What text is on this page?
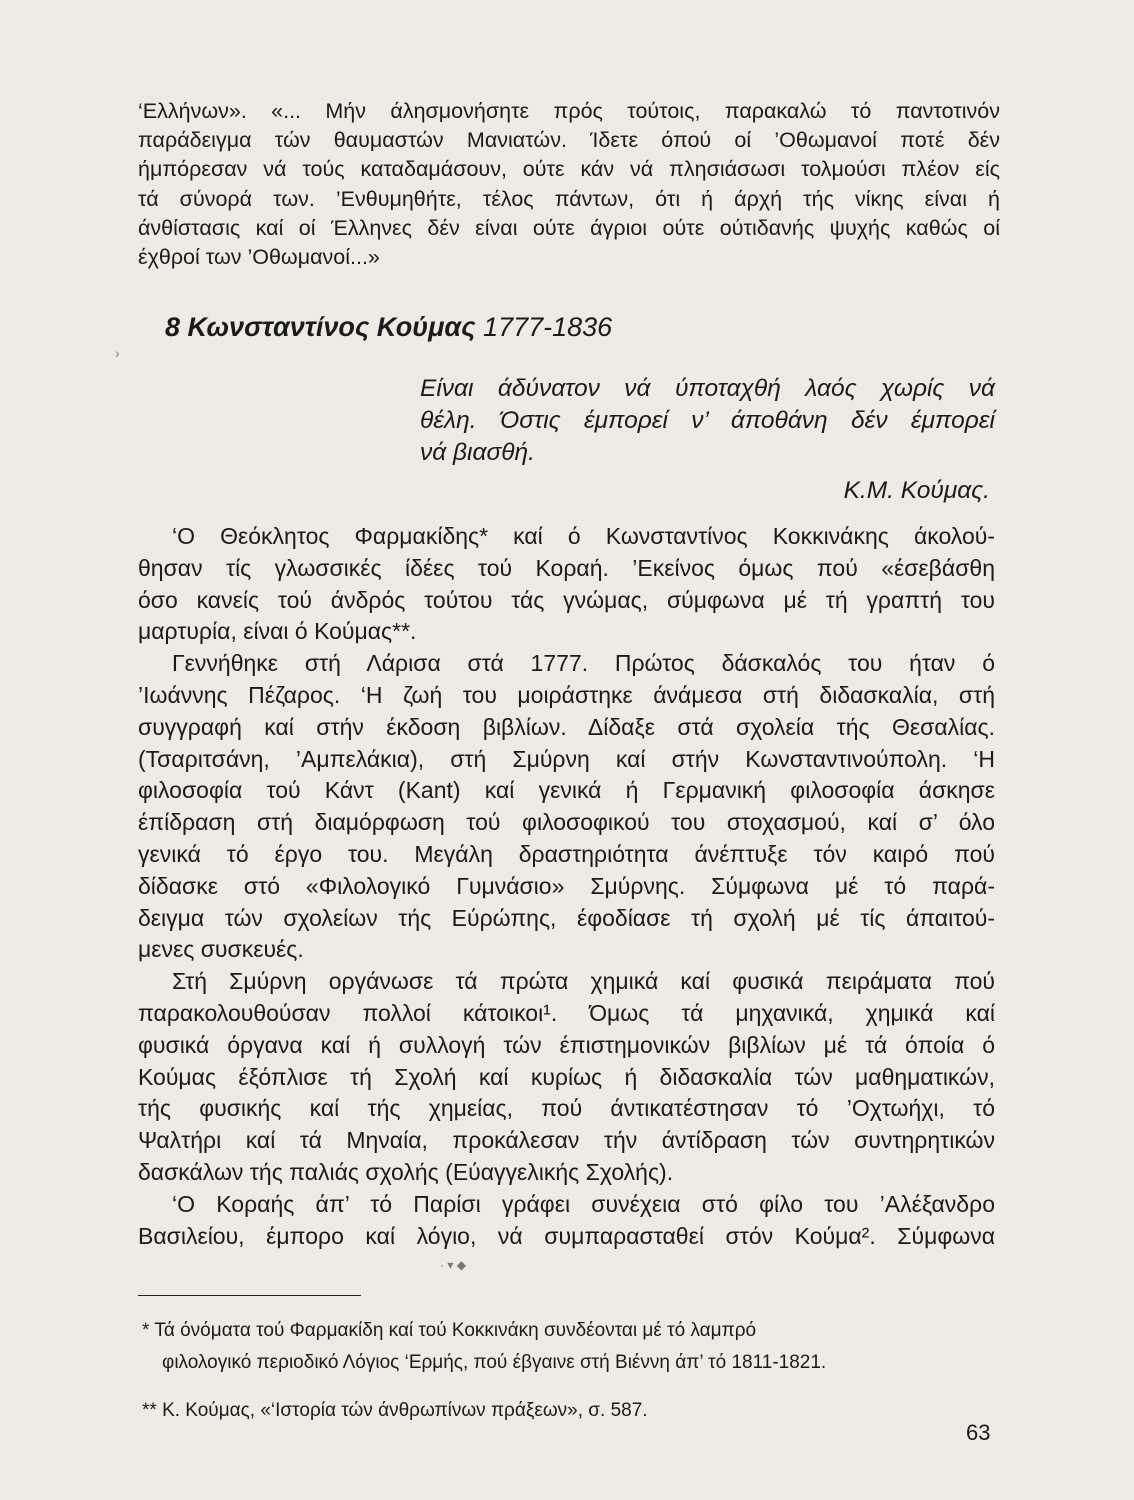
‘Ελλήνων». «... Μήν άλησμονήσητε πρός τούτοις, παρακαλώ τό παντοτινόν
παράδειγμα τών θαυμαστών Μανιατών. Ίδετε όπού οί ’Οθωμανοί ποτέ δέν
ήμπόρεσαν νά τούς καταδαμάσουν, ούτε κάν νά πλησιάσωσι τολμούσι πλέον είς
τά σύνορά των. ’Ενθυμηθήτε, τέλος πάντων, ότι ή άρχή τής νίκης είναι ή
άνθίστασις καί οί Έλληνες δέν είναι ούτε άγριοι ούτε ούτιδανής ψυχής καθώς οί
έχθροί των ’Οθωμανοί...»
›
8 Κωνσταντίνος Κούμας 1777-1836
Είναι άδύνατον νά ύποταχθή λαός χωρίς νά
θέλη. Όστις έμπορεί ν’ άποθάνη δέν έμπορεί
νά βιασθή.
Κ.Μ. Κούμας.
‘Ο Θεόκλητος Φαρμακίδης* καί ό Κωνσταντίνος Κοκκινάκης άκολού-
θησαν τίς γλωσσικές ίδέες τού Κοραή. ’Εκείνος όμως πού «έσεβάσθη
όσο κανείς τού άνδρός τούτου τάς γνώμας, σύμφωνα μέ τή γραπτή του
μαρτυρία, είναι ό Κούμας**.
Γεννήθηκε στή Λάρισα στά 1777. Πρώτος δάσκαλός του ήταν ό
’Ιωάννης Πέζαρος. ‘Η ζωή του μοιράστηκε άνάμεσα στή διδασκαλία, στή
συγγραφή καί στήν έκδοση βιβλίων. Δίδαξε στά σχολεία τής Θεσαλίας.
(Τσαριτσάνη, ’Αμπελάκια), στή Σμύρνη καί στήν Κωνσταντινούπολη. ‘Η
φιλοσοφία τού Κάντ (Kant) καί γενικά ή Γερμανική φιλοσοφία άσκησε
έπίδραση στή διαμόρφωση τού φιλοσοφικού του στοχασμού, καί σ’ όλο
γενικά τό έργο του. Μεγάλη δραστηριότητα άνέπτυξε τόν καιρό πού
δίδασκε στό «Φιλολογικό Γυμνάσιο» Σμύρνης. Σύμφωνα μέ τό παρά-
δειγμα τών σχολείων τής Εύρώπης, έφοδίασε τή σχολή μέ τίς άπαιτού-
μενες συσκευές.
Στή Σμύρνη οργάνωσε τά πρώτα χημικά καί φυσικά πειράματα πού
παρακολουθούσαν πολλοί κάτοικοι¹. Όμως τά μηχανικά, χημικά καί
φυσικά όργανα καί ή συλλογή τών έπιστημονικών βιβλίων μέ τά όποία ό
Κούμας έξόπλισε τή Σχολή καί κυρίως ή διδασκαλία τών μαθηματικών,
τής φυσικής καί τής χημείας, πού άντικατέστησαν τό ’Οχτωήχι, τό
Ψαλτήρι καί τά Μηναία, προκάλεσαν τήν άντίδραση τών συντηρητικών
δασκάλων τής παλιάς σχολής (Εύαγγελικής Σχολής).
‘Ο Κοραής άπ’ τό Παρίσι γράφει συνέχεια στό φίλο του ’Αλέξανδρο
Βασιλείου, έμπορο καί λόγιο, νά συμπαρασταθεί στόν Κούμα². Σύμφωνα
· ▾ ◆
* Τά όνόματα τού Φαρμακίδη καί τού Κοκκινάκη συνδέονται μέ τό λαμπρό
φιλολογικό περιοδικό Λόγιος ‘Ερμής, πού έβγαινε στή Βιέννη άπ’ τό 1811-1821.
** Κ. Κούμας, «‘Ιστορία τών άνθρωπίνων πράξεων», σ. 587.
63
